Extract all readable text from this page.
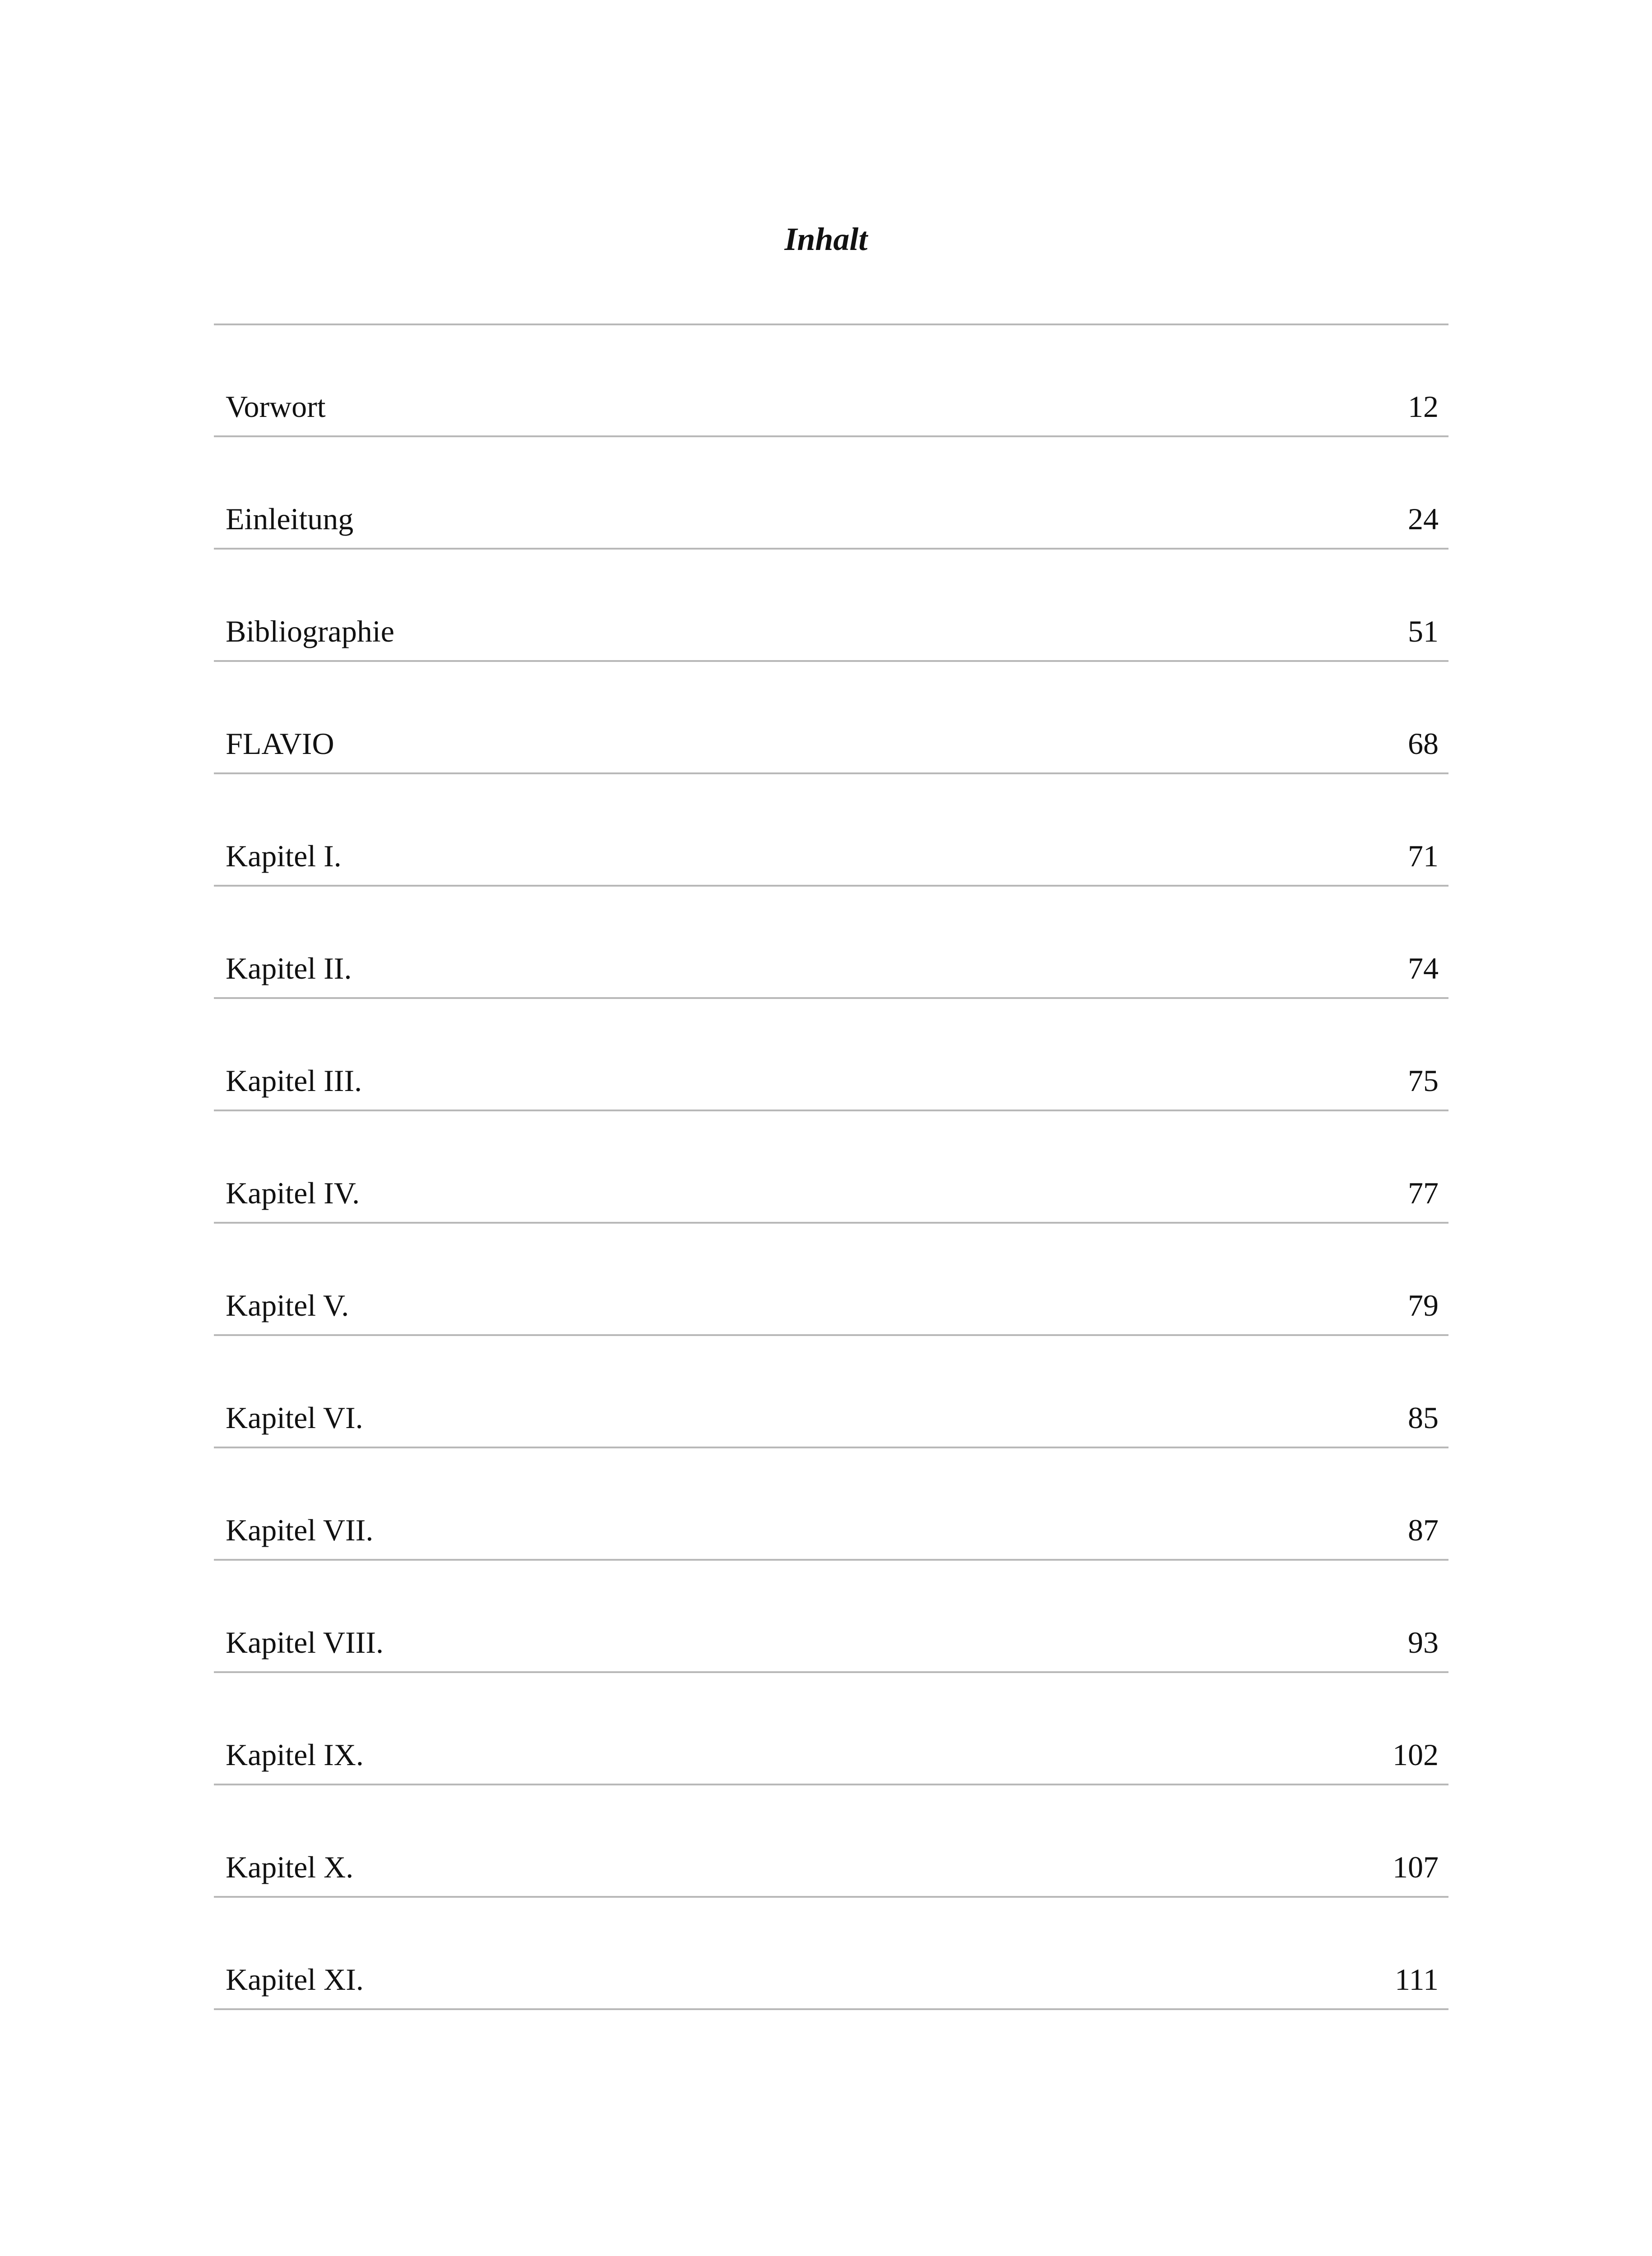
Inhalt
Vorwort	12
Einleitung	24
Bibliographie	51
FLAVIO	68
Kapitel I.	71
Kapitel II.	74
Kapitel III.	75
Kapitel IV.	77
Kapitel V.	79
Kapitel VI.	85
Kapitel VII.	87
Kapitel VIII.	93
Kapitel IX.	102
Kapitel X.	107
Kapitel XI.	111
